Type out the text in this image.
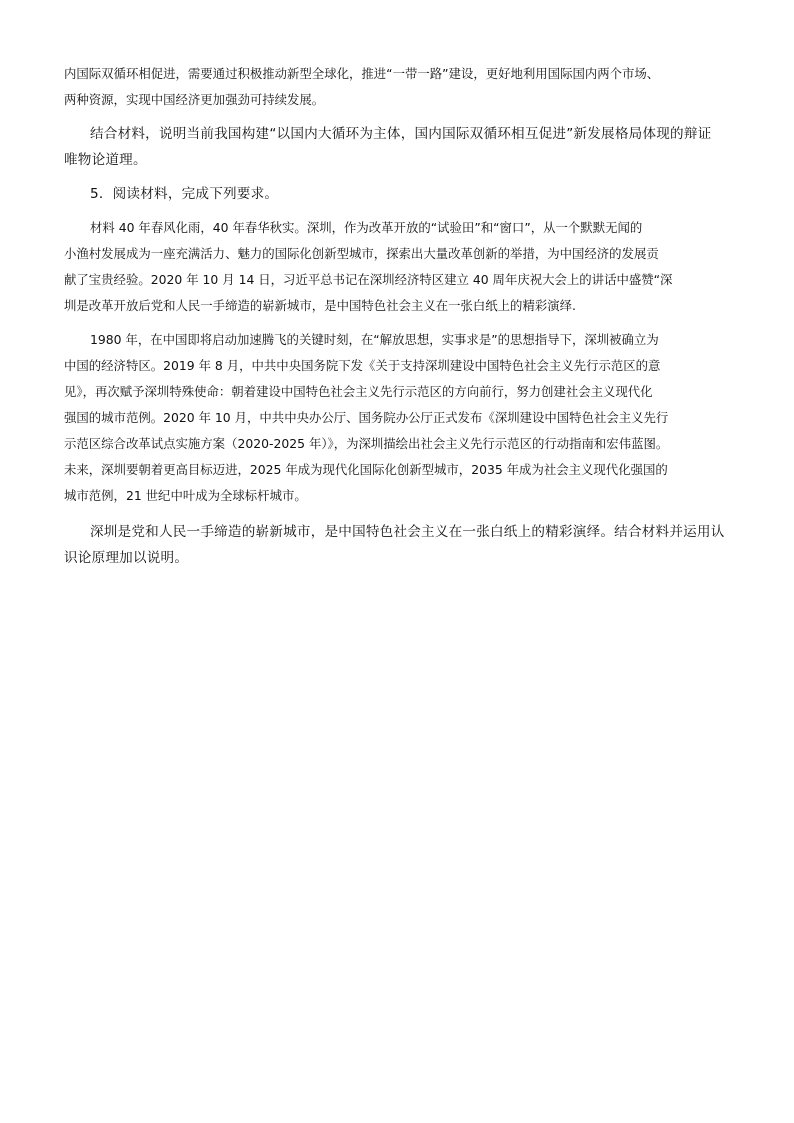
内国际双循环相促进，需要通过积极推动新型全球化，推进“一带一路”建设，更好地利用国际国内两个市场、

两种资源，实现中国经济更加强劲可持续发展。

结合材料，说明当前我国构建“以国内大循环为主体，国内国际双循环相互促进”新发展格局体现的辩证

唯物论道理。

5．阅读材料，完成下列要求。

材料 40 年春风化雨，40 年春华秋实。深圳，作为改革开放的“试验田”和“窗口”，从一个默默无闻的

小渔村发展成为一座充满活力、魅力的国际化创新型城市，探索出大量改革创新的举措，为中国经济的发展贡

献了宝贵经验。2020 年 10 月 14 日，习近平总书记在深圳经济特区建立 40 周年庆祝大会上的讲话中盛赞“深

圳是改革开放后党和人民一手缔造的崭新城市，是中国特色社会主义在一张白纸上的精彩演绎.

1980 年，在中国即将启动加速腾飞的关键时刻，在“解放思想，实事求是”的思想指导下，深圳被确立为

中国的经济特区。2019 年 8 月，中共中央国务院下发《关于支持深圳建设中国特色社会主义先行示范区的意

见》，再次赋予深圳特殊使命：朝着建设中国特色社会主义先行示范区的方向前行，努力创建社会主义现代化

强国的城市范例。2020 年 10 月，中共中央办公厅、国务院办公厅正式发布《深圳建设中国特色社会主义先行

示范区综合改革试点实施方案（2020-2025 年）》，为深圳描绘出社会主义先行示范区的行动指南和宏伟蓝图。

未来，深圳要朝着更高目标迈进，2025 年成为现代化国际化创新型城市，2035 年成为社会主义现代化强国的

城市范例，21 世纪中叶成为全球标杆城市。

深圳是党和人民一手缔造的崭新城市，是中国特色社会主义在一张白纸上的精彩演绎。结合材料并运用认

识论原理加以说明。
